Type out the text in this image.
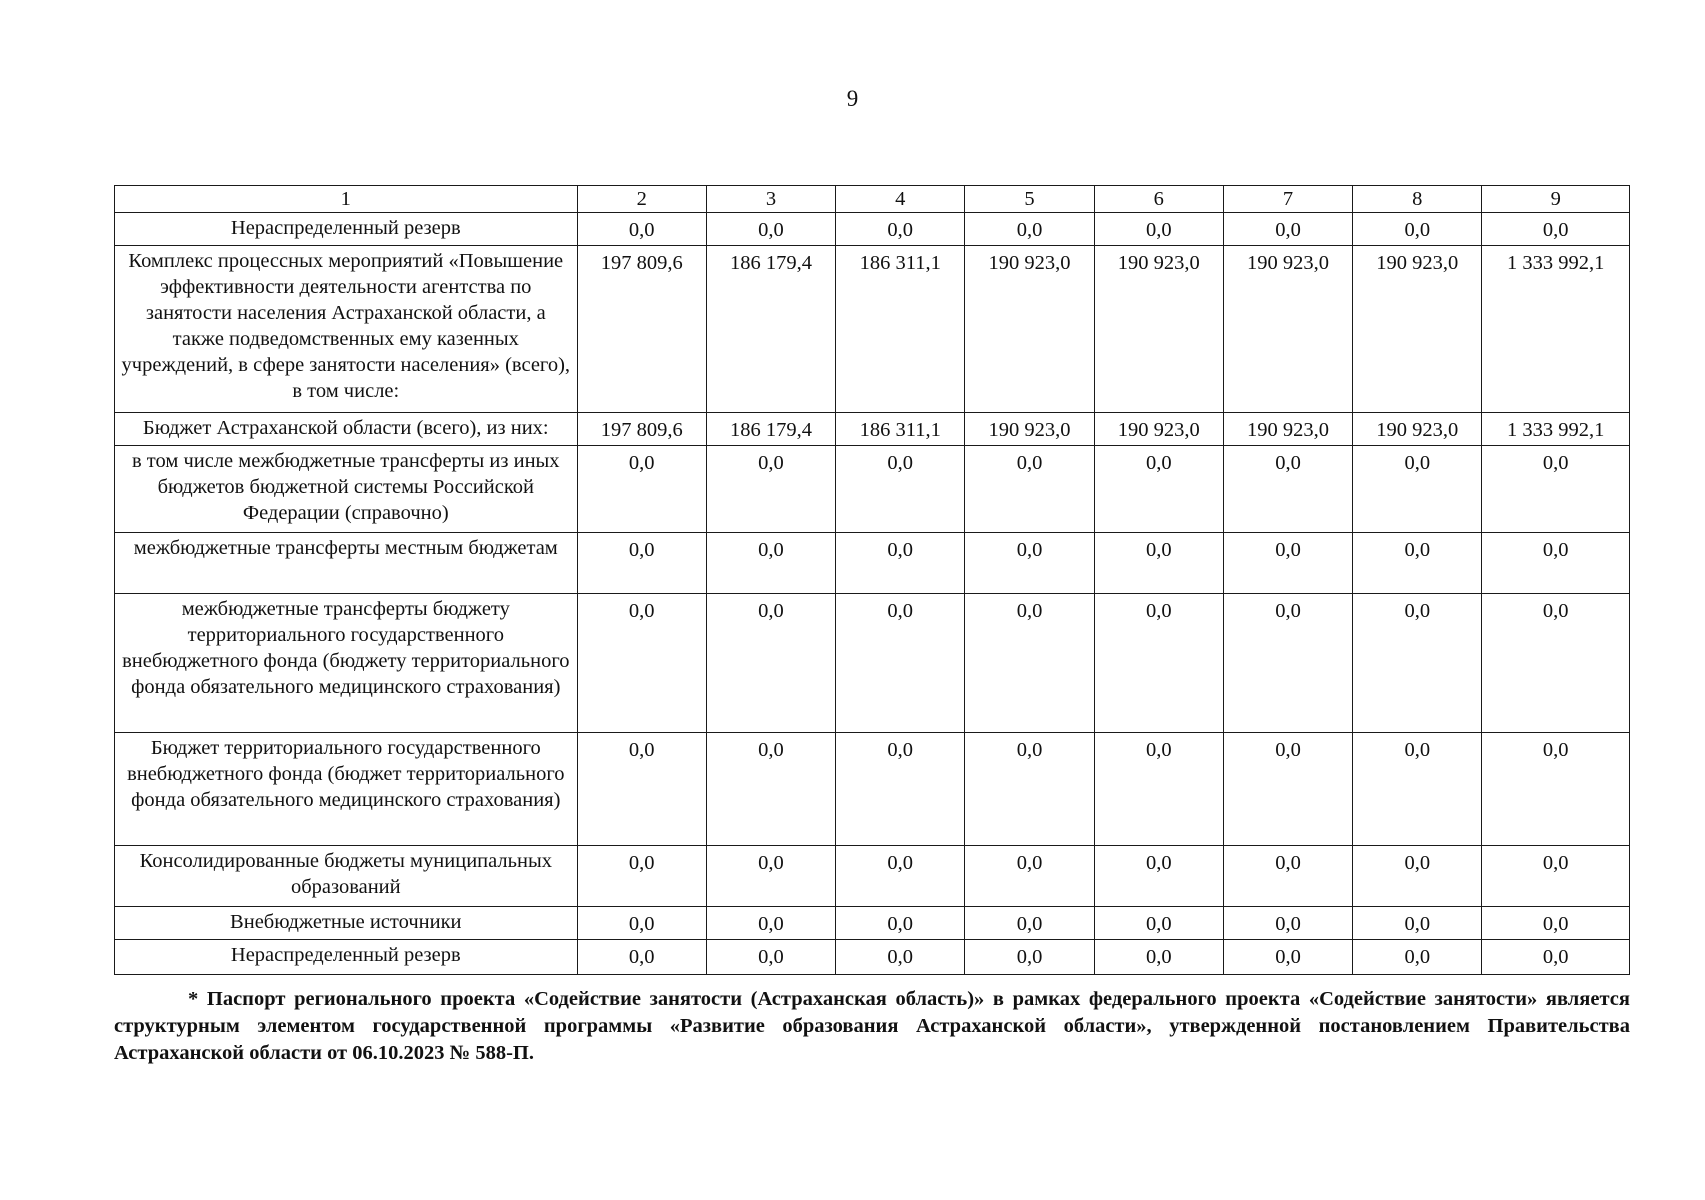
9
1	2	3	4	5	6	7	8	9
Нераспределенный резерв	0,0	0,0	0,0	0,0	0,0	0,0	0,0	0,0
Комплекс процессных мероприятий «Повышение эффективности деятельности агентства по занятости населения Астраханской области, а также подведомственных ему казенных учреждений, в сфере занятости населения» (всего), в том числе:	197 809,6	186 179,4	186 311,1	190 923,0	190 923,0	190 923,0	190 923,0	1 333 992,1
Бюджет Астраханской области (всего), из них:	197 809,6	186 179,4	186 311,1	190 923,0	190 923,0	190 923,0	190 923,0	1 333 992,1
в том числе межбюджетные трансферты из иных бюджетов бюджетной системы Российской Федерации (справочно)	0,0	0,0	0,0	0,0	0,0	0,0	0,0	0,0
межбюджетные трансферты местным бюджетам	0,0	0,0	0,0	0,0	0,0	0,0	0,0	0,0
межбюджетные трансферты бюджету территориального государственного внебюджетного фонда (бюджету территориального фонда обязательного медицинского страхования)	0,0	0,0	0,0	0,0	0,0	0,0	0,0	0,0
Бюджет территориального государственного внебюджетного фонда (бюджет территориального фонда обязательного медицинского страхования)	0,0	0,0	0,0	0,0	0,0	0,0	0,0	0,0
Консолидированные бюджеты муниципальных образований	0,0	0,0	0,0	0,0	0,0	0,0	0,0	0,0
Внебюджетные источники	0,0	0,0	0,0	0,0	0,0	0,0	0,0	0,0
Нераспределенный резерв	0,0	0,0	0,0	0,0	0,0	0,0	0,0	0,0
* Паспорт регионального проекта «Содействие занятости (Астраханская область)» в рамках федерального проекта «Содействие занятости» является структурным элементом государственной программы «Развитие образования Астраханской области», утвержденной постановлением Правительства Астраханской области от 06.10.2023 № 588-П.
